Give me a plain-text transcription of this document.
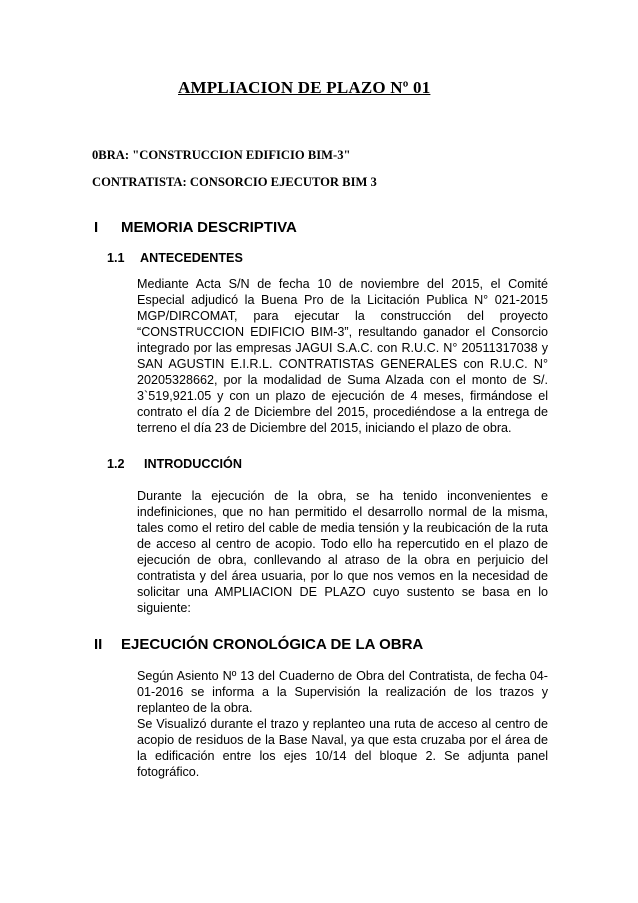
AMPLIACION DE PLAZO Nº 01
0BRA: "CONSTRUCCION EDIFICIO BIM-3"
CONTRATISTA: CONSORCIO EJECUTOR BIM 3
I MEMORIA DESCRIPTIVA
1.1 ANTECEDENTES

Mediante Acta S/N de fecha 10 de noviembre del 2015, el Comité Especial adjudicó la Buena Pro de la Licitación Publica N° 021-2015 MGP/DIRCOMAT, para ejecutar la construcción del proyecto “CONSTRUCCION EDIFICIO BIM-3”, resultando ganador el Consorcio integrado por las empresas JAGUI S.A.C. con R.U.C. N° 20511317038 y SAN AGUSTIN E.I.R.L. CONTRATISTAS GENERALES con R.U.C. N° 20205328662, por la modalidad de Suma Alzada con el monto de S/. 3`519,921.05 y con un plazo de ejecución de 4 meses, firmándose el contrato el día 2 de Diciembre del 2015, procediéndose a la entrega de terreno el día 23 de Diciembre del 2015, iniciando el plazo de obra.

1.2 INTRODUCCIÓN

Durante la ejecución de la obra, se ha tenido inconvenientes e indefiniciones, que no han permitido el desarrollo normal de la misma, tales como el retiro del cable de media tensión y la reubicación de la ruta de acceso al centro de acopio. Todo ello ha repercutido en el plazo de ejecución de obra, conllevando al atraso de la obra en perjuicio del contratista y del área usuaria, por lo que nos vemos en la necesidad de solicitar una AMPLIACION DE PLAZO cuyo sustento se basa en lo siguiente:

II EJECUCIÓN CRONOLÓGICA DE LA OBRA

Según Asiento Nº 13 del Cuaderno de Obra del Contratista, de fecha 04-01-2016 se informa a la Supervisión la realización de los trazos y replanteo de la obra.

Se Visualizó durante el trazo y replanteo una ruta de acceso al centro de acopio de residuos de la Base Naval, ya que esta cruzaba por el área de la edificación entre los ejes 10/14 del bloque 2. Se adjunta panel fotográfico.
